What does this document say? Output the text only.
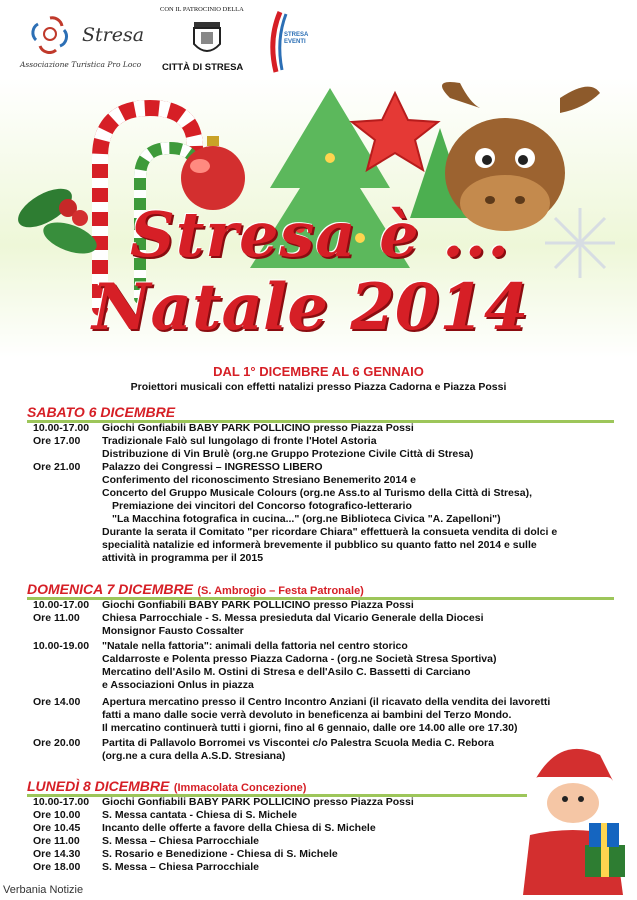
Stresa
Associazione Turistica Pro Loco
CON IL PATROCINIO DELLA
CITTÀ DI STRESA
STRESA EVENTI
Stresa è ...
Natale 2014
DAL 1° DICEMBRE AL 6 GENNAIO
Proiettori musicali con effetti natalizi presso Piazza Cadorna e Piazza Possi
SABATO 6 DICEMBRE
10.00-17.00 Giochi Gonfiabili BABY PARK POLLICINO presso Piazza Possi
Ore 17.00 Tradizionale Falò sul lungolago di fronte l'Hotel Astoria
Distribuzione di Vin Brulè (org.ne Gruppo Protezione Civile Città di Stresa)
Ore 21.00 Palazzo dei Congressi – INGRESSO LIBERO
Conferimento del riconoscimento Stresiano Benemerito 2014 e
Concerto del Gruppo Musicale Colours (org.ne Ass.to al Turismo della Città di Stresa),
Premiazione dei vincitori del Concorso fotografico-letterario
"La Macchina fotografica in cucina..." (org.ne Biblioteca Civica "A. Zapelloni")
Durante la serata il Comitato "per ricordare Chiara" effettuerà la consueta vendita di dolci e
specialità natalizie ed informerà brevemente il pubblico su quanto fatto nel 2014 e sulle
attività in programma per il 2015
DOMENICA 7 DICEMBRE (S. Ambrogio – Festa Patronale)
10.00-17.00 Giochi Gonfiabili BABY PARK POLLICINO presso Piazza Possi
Ore 11.00 Chiesa Parrocchiale - S. Messa presieduta dal Vicario Generale della Diocesi
Monsignor Fausto Cossalter
10.00-19.00 "Natale nella fattoria": animali della fattoria nel centro storico
Caldarroste e Polenta presso Piazza Cadorna - (org.ne Società Stresa Sportiva)
Mercatino dell'Asilo M. Ostini di Stresa e dell'Asilo C. Bassetti di Carciano
e Associazioni Onlus in piazza
Ore 14.00 Apertura mercatino presso il Centro Incontro Anziani (il ricavato della vendita dei lavoretti
fatti a mano dalle socie verrà devoluto in beneficenza ai bambini del Terzo Mondo.
Il mercatino continuerà tutti i giorni, fino al 6 gennaio, dalle ore 14.00 alle ore 17.30)
Ore 20.00 Partita di Pallavolo Borromei vs Viscontei c/o Palestra Scuola Media C. Rebora
(org.ne a cura della A.S.D. Stresiana)
LUNEDÌ 8 DICEMBRE (Immacolata Concezione)
10.00-17.00 Giochi Gonfiabili BABY PARK POLLICINO presso Piazza Possi
Ore 10.00 S. Messa cantata - Chiesa di S. Michele
Ore 10.45 Incanto delle offerte a favore della Chiesa di S. Michele
Ore 11.00 S. Messa – Chiesa Parrocchiale
Ore 14.30 S. Rosario e Benedizione - Chiesa di S. Michele
Ore 18.00 S. Messa – Chiesa Parrocchiale
Verbania Notizie
